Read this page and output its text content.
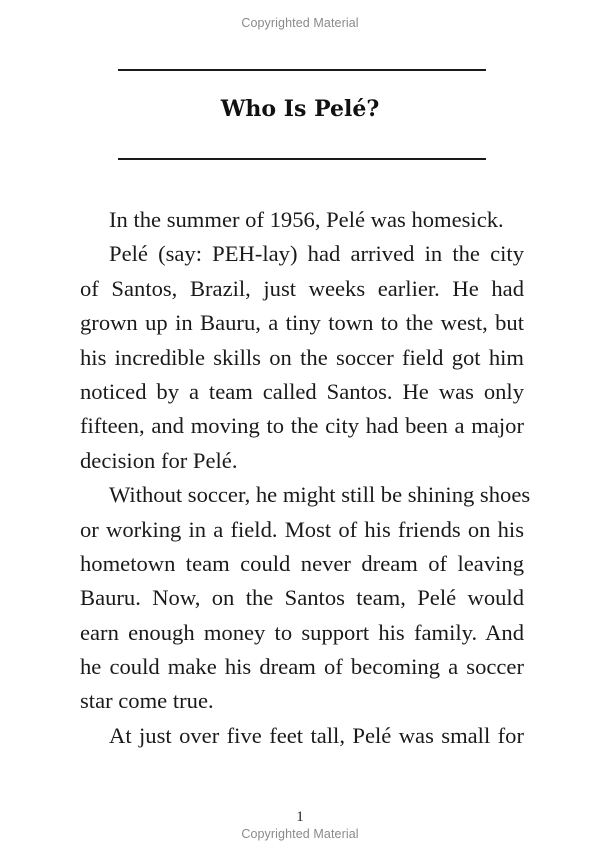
Copyrighted Material
Who Is Pelé?
In the summer of 1956, Pelé was homesick.
Pelé (say: PEH-lay) had arrived in the city
of Santos, Brazil, just weeks earlier. He had
grown up in Bauru, a tiny town to the west, but
his incredible skills on the soccer field got him
noticed by a team called Santos. He was only
fifteen, and moving to the city had been a major
decision for Pelé.
Without soccer, he might still be shining shoes
or working in a field. Most of his friends on his
hometown team could never dream of leaving
Bauru. Now, on the Santos team, Pelé would
earn enough money to support his family. And
he could make his dream of becoming a soccer
star come true.
At just over five feet tall, Pelé was small for
1
Copyrighted Material
